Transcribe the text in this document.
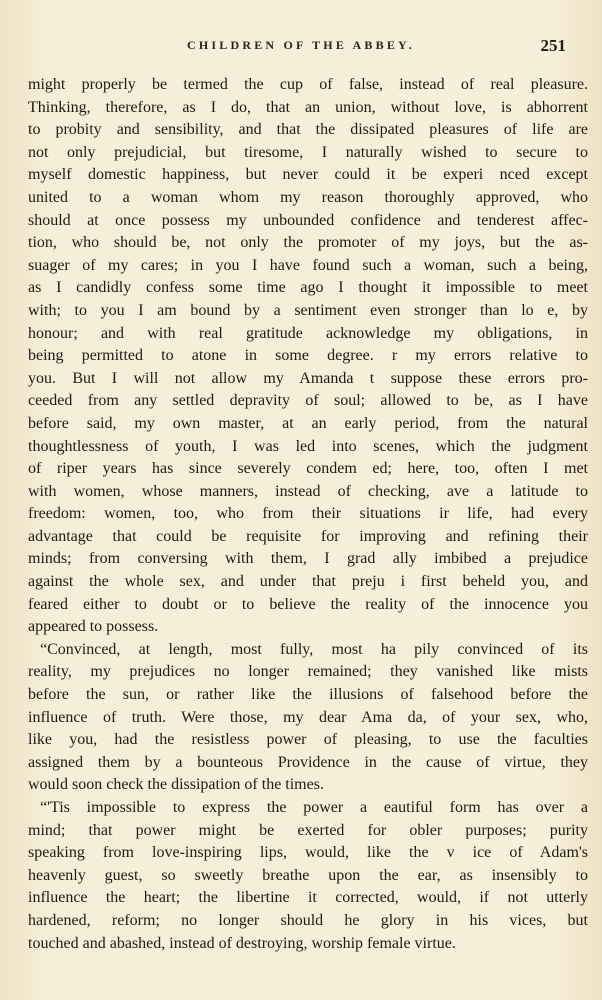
CHILDREN OF THE ABBEY.	251
might properly be termed the cup of false, instead of real pleasure.
Thinking, therefore, as I do, that an union, without love, is abhorrent
to probity and sensibility, and that the dissipated pleasures of life are
not only prejudicial, but tiresome, I naturally wished to secure to
myself domestic happiness, but never could it be experi nced except
united to a woman whom my reason thoroughly approved, who
should at once possess my unbounded confidence and tenderest affec-
tion, who should be, not only the promoter of my joys, but the as-
suager of my cares; in you I have found such a woman, such a being,
as I candidly confess some time ago I thought it impossible to meet
with; to you I am bound by a sentiment even stronger than lo e, by
honour; and with real gratitude acknowledge my obligations, in
being permitted to atone in some degree. r my errors relative to
you. But I will not allow my Amanda t suppose these errors pro-
ceeded from any settled depravity of soul; allowed to be, as I have
before said, my own master, at an early period, from the natural
thoughtlessness of youth, I was led into scenes, which the judgment
of riper years has since severely condem ed; here, too, often I met
with women, whose manners, instead of checking, ave a latitude to
freedom: women, too, who from their situations ir life, had every
advantage that could be requisite for improving and refining their
minds; from conversing with them, I grad ally imbibed a prejudice
against the whole sex, and under that preju i first beheld you, and
feared either to doubt or to believe the reality of the innocence you
appeared to possess.
“Convinced, at length, most fully, most ha pily convinced of its
reality, my prejudices no longer remained; they vanished like mists
before the sun, or rather like the illusions of falsehood before the
influence of truth. Were those, my dear Ama da, of your sex, who,
like you, had the resistless power of pleasing, to use the faculties
assigned them by a bounteous Providence in the cause of virtue, they
would soon check the dissipation of the times.
“'Tis impossible to express the power a eautiful form has over a
mind; that power might be exerted for obler purposes; purity
speaking from love-inspiring lips, would, like the v ice of Adam's
heavenly guest, so sweetly breathe upon the ear, as insensibly to
influence the heart; the libertine it corrected, would, if not utterly
hardened, reform; no longer should he glory in his vices, but
touched and abashed, instead of destroying, worship female virtue.
